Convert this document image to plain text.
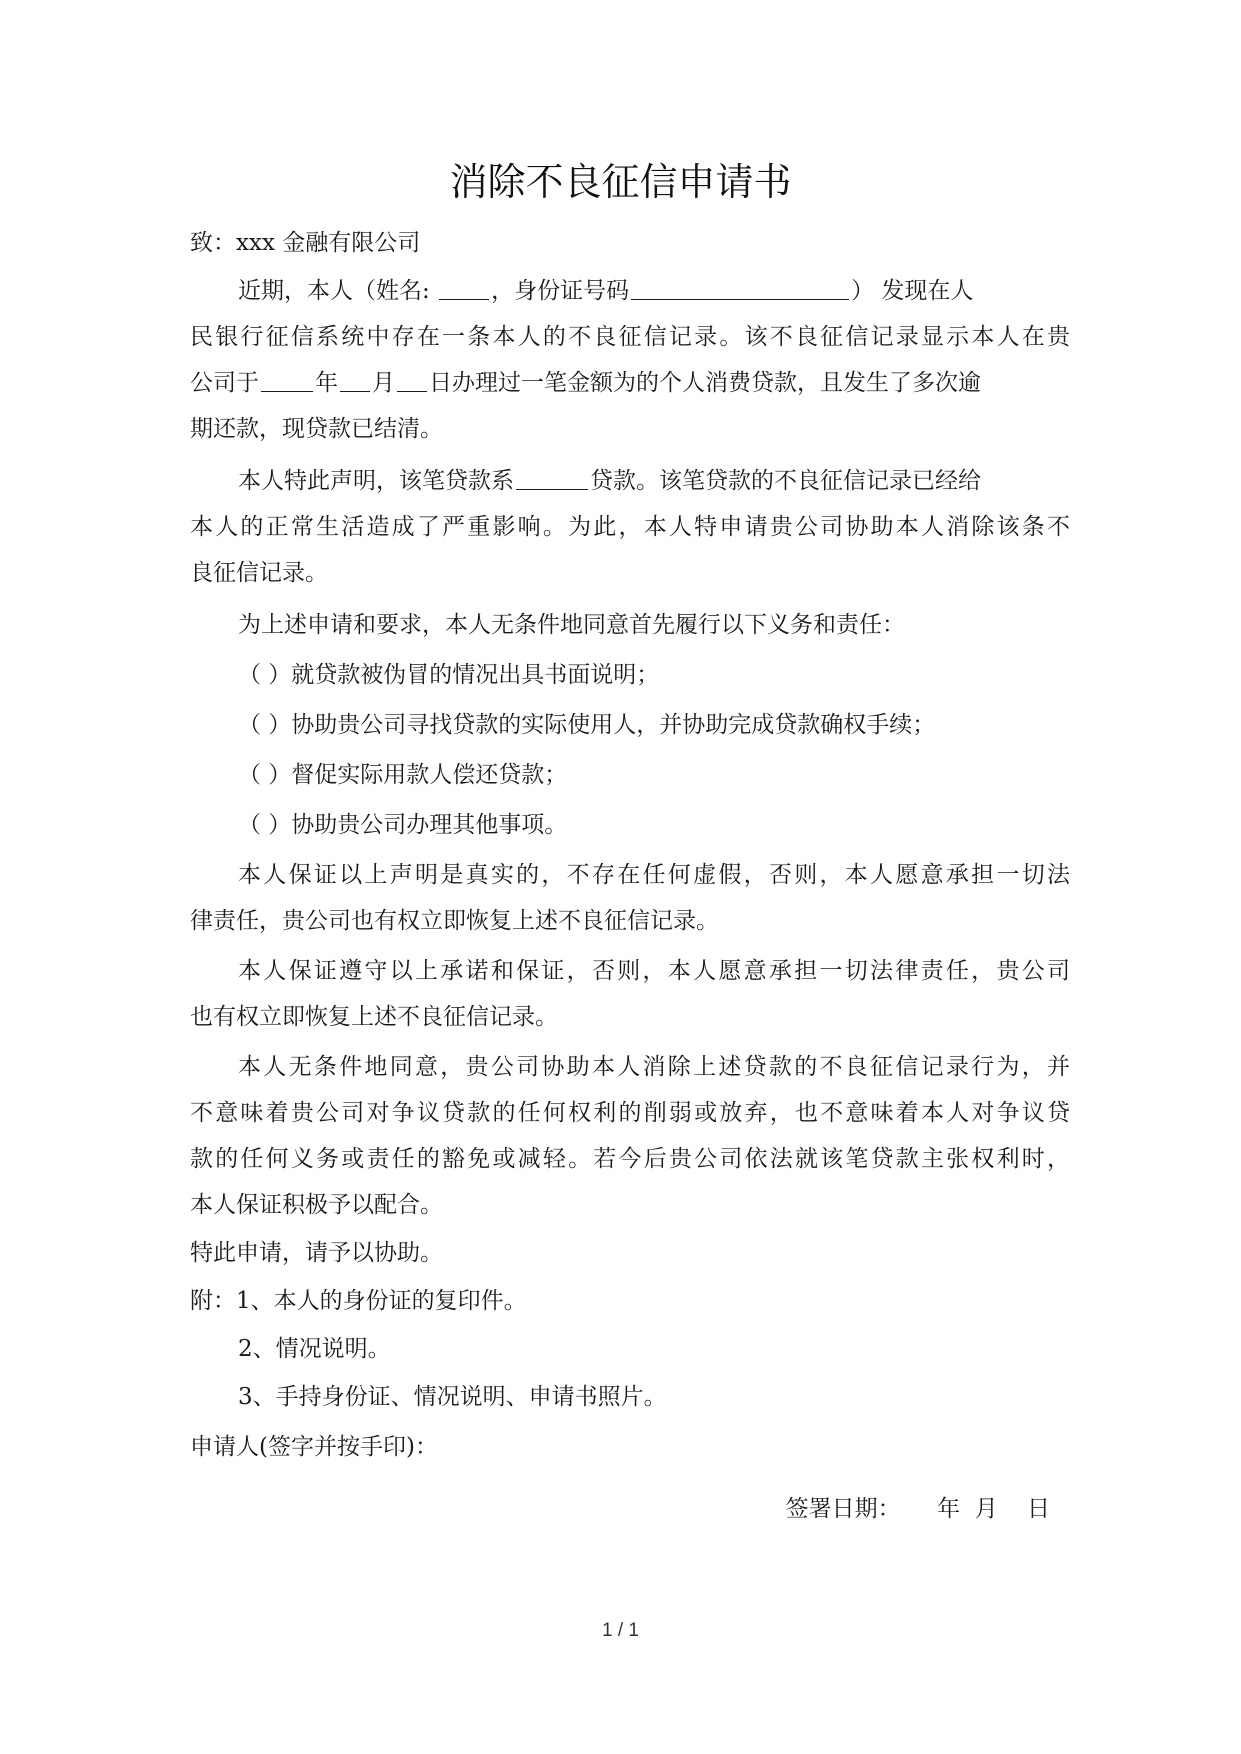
消除不良征信申请书
致：xxx 金融有限公司
近期，本人（姓名: ，身份证号码	） 发现在人
民银行征信系统中存在一条本人的不良征信记录。该不良征信记录显示本人在贵
公司于 年 月 日办理过一笔金额为的个人消费贷款，且发生了多次逾
期还款，现贷款已结清。
本人特此声明，该笔贷款系	贷款。该笔贷款的不良征信记录已经给
本人的正常生活造成了严重影响。为此，本人特申请贵公司协助本人消除该条不
良征信记录。
为上述申请和要求，本人无条件地同意首先履行以下义务和责任：
（ ）就贷款被伪冒的情况出具书面说明；
（ ）协助贵公司寻找贷款的实际使用人，并协助完成贷款确权手续；
（ ）督促实际用款人偿还贷款；
（ ）协助贵公司办理其他事项。
本人保证以上声明是真实的，不存在任何虚假，否则，本人愿意承担一切法
律责任，贵公司也有权立即恢复上述不良征信记录。
本人保证遵守以上承诺和保证，否则，本人愿意承担一切法律责任，贵公司
也有权立即恢复上述不良征信记录。
本人无条件地同意，贵公司协助本人消除上述贷款的不良征信记录行为，并
不意味着贵公司对争议贷款的任何权利的削弱或放弃，也不意味着本人对争议贷
款的任何义务或责任的豁免或减轻。若今后贵公司依法就该笔贷款主张权利时，
本人保证积极予以配合。
特此申请，请予以协助。
附：1、本人的身份证的复印件。
2、情况说明。
3、手持身份证、情况说明、申请书照片。
申请人(签字并按手印)：
签署日期：     年  月    日
1 / 1
